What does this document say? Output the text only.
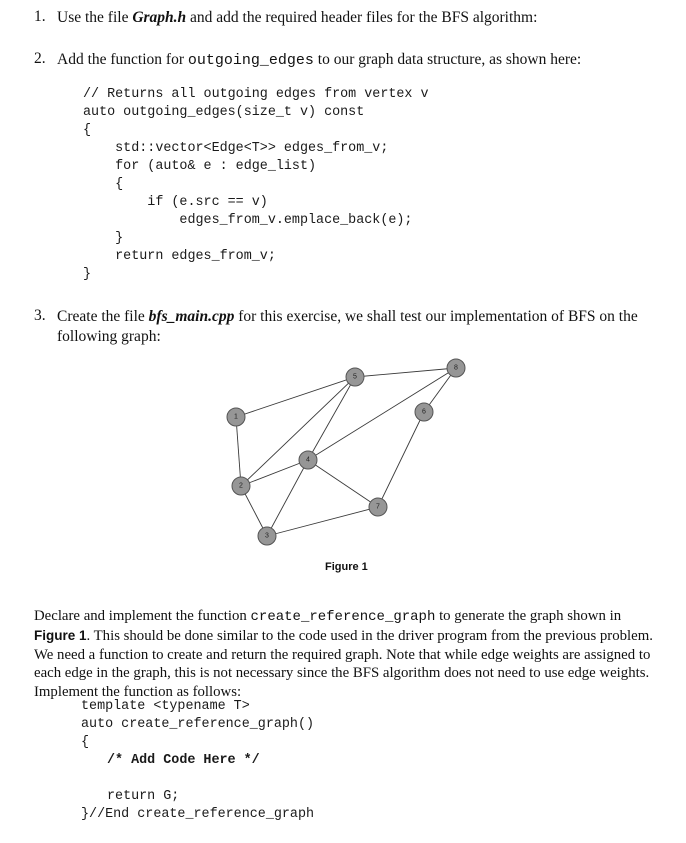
1. Use the file Graph.h and add the required header files for the BFS algorithm:
2. Add the function for outgoing_edges to our graph data structure, as shown here:
// Returns all outgoing edges from vertex v
auto outgoing_edges(size_t v) const
{
std::vector<Edge<T>> edges_from_v;
for (auto& e : edge_list)
{
if (e.src == v)
edges_from_v.emplace_back(e);
}
return edges_from_v;
}
3. Create the file bfs_main.cpp for this exercise, we shall test our implementation of BFS on the
following graph:
1
2
3
4
5
6
7
8
Figure 1
Declare and implement the function create_reference_graph to generate the graph shown in
Figure 1. This should be done similar to the code used in the driver program from the previous problem.
We need a function to create and return the required graph. Note that while edge weights are assigned to
each edge in the graph, this is not necessary since the BFS algorithm does not need to use edge weights.
Implement the function as follows:
template <typename T>
auto create_reference_graph()
{
/* Add Code Here */
return G;
}//End create_reference_graph
